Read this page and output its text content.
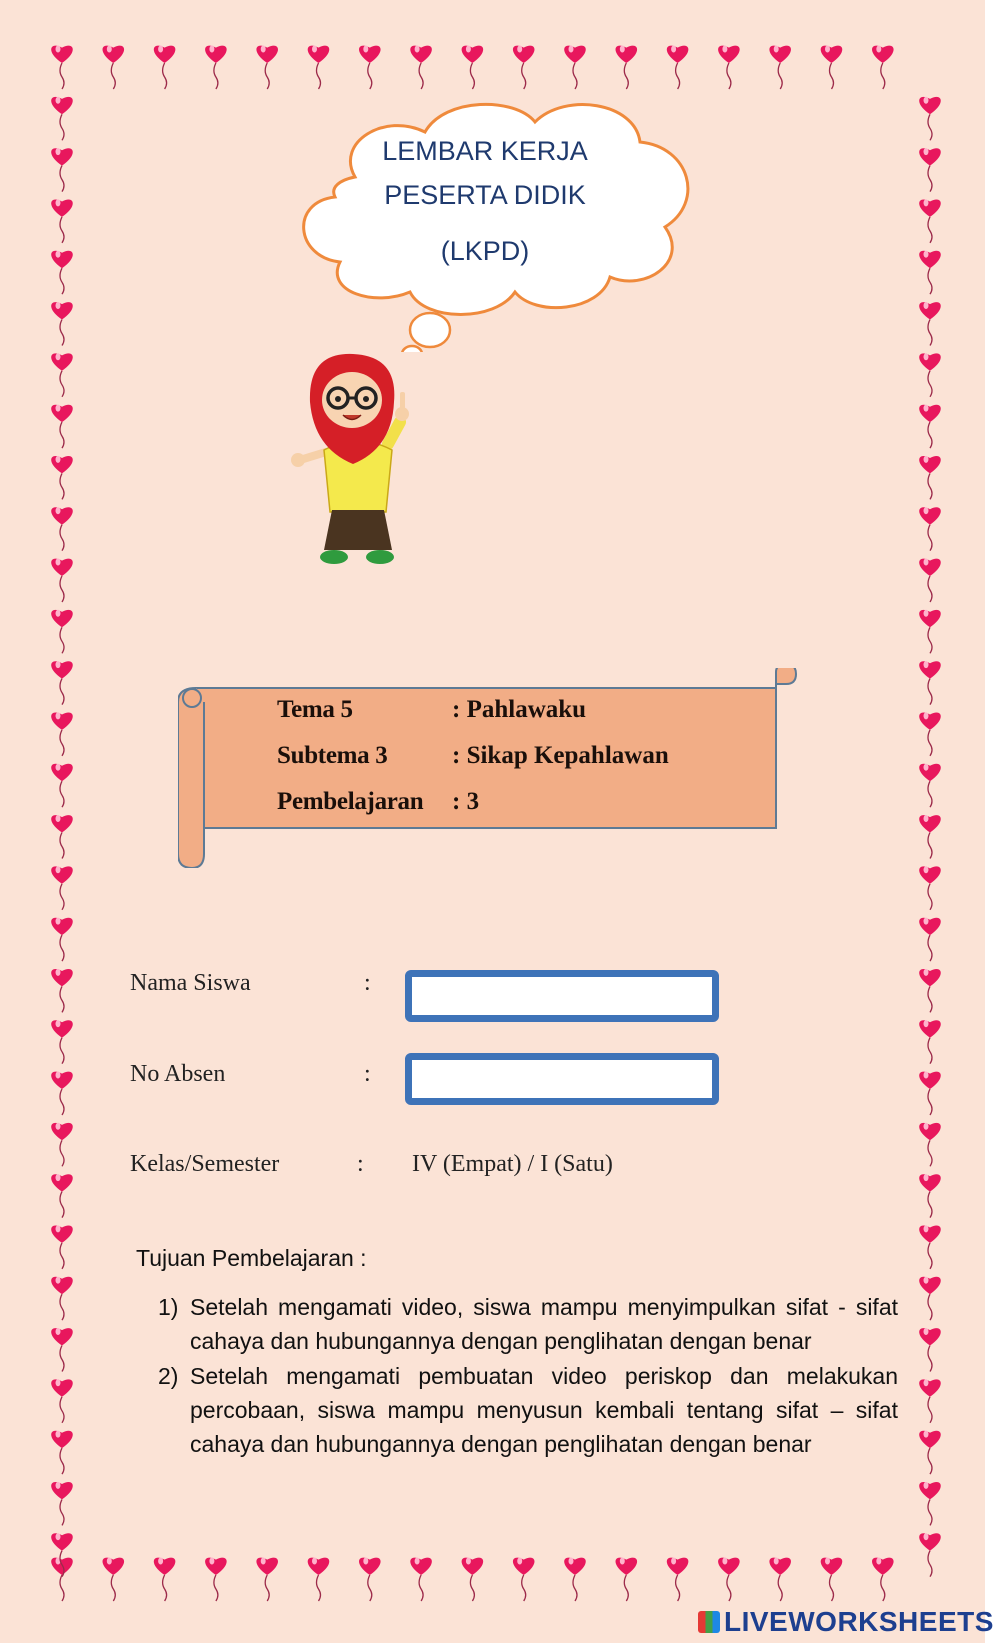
LEMBAR KERJA
PESERTA DIDIK
(LKPD)
Tema 5	: Pahlawaku
Subtema 3	: Sikap Kepahlawan
Pembelajaran : 3
Nama Siswa	:
No Absen	:
Kelas/Semester	: IV (Empat) / I (Satu)
Tujuan Pembelajaran :
1) Setelah mengamati video, siswa mampu menyimpulkan sifat - sifat cahaya dan hubungannya dengan penglihatan dengan benar
2) Setelah mengamati pembuatan video periskop dan melakukan percobaan, siswa mampu menyusun kembali tentang sifat – sifat cahaya dan hubungannya dengan penglihatan dengan benar
LIVEWORKSHEETS
